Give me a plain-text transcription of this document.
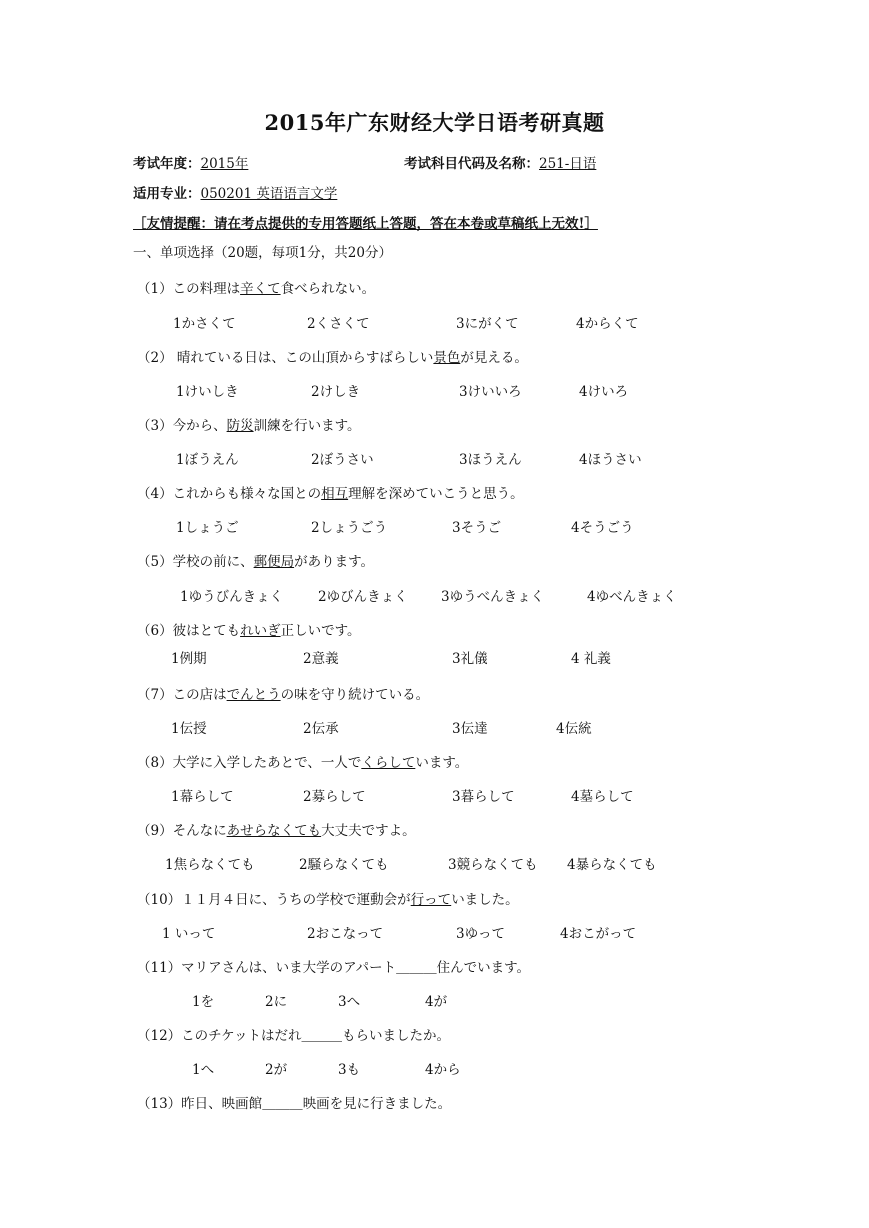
2015年广东财经大学日语考研真题
考试年度：2015年	考试科目代码及名称：251-日语
适用专业：050201 英语语言文学
［友情提醒：请在考点提供的专用答题纸上答题，答在本卷或草稿纸上无效!］
一、单项选择（20题，每项1分，共20分）
（1）この料理は辛くて食べられない。
1かさくて	2くさくて	3にがくて	4からくて
（2） 晴れている日は、この山頂からすばらしい景色が見える。
1けいしき	2けしき	3けいいろ	4けいろ
（3）今から、防災訓練を行います。
1ぼうえん	2ぼうさい	3ほうえん	4ほうさい
（4）これからも様々な国との相互理解を深めていこうと思う。
1しょうご	2しょうごう	3そうご	4そうごう
（5）学校の前に、郵便局があります。
1ゆうびんきょく	2ゆびんきょく 3ゆうべんきょく	4ゆべんきょく
（6）彼はとてもれいぎ正しいです。
1例期	2意義	3礼儀	4 礼義
（7）この店はでんとうの味を守り続けている。
1伝授	2伝承	3伝達	4伝統
（8）大学に入学したあとで、一人でくらしています。
1幕らして	2募らして	3暮らして	4墓らして
（9）そんなにあせらなくても大丈夫ですよ。
1焦らなくても	2騒らなくても	3競らなくても 4暴らなくても
（10）１１月４日に、うちの学校で運動会が行っていました。
1 いって	2おこなって	3ゆって	4おこがって
（11）マリアさんは、いま大学のアパート＿＿＿住んでいます。
1を	2に	3へ	4が
（12）このチケットはだれ＿＿＿もらいましたか。
1へ	2が	3も	4から
（13）昨日、映画館＿＿＿映画を見に行きました。
